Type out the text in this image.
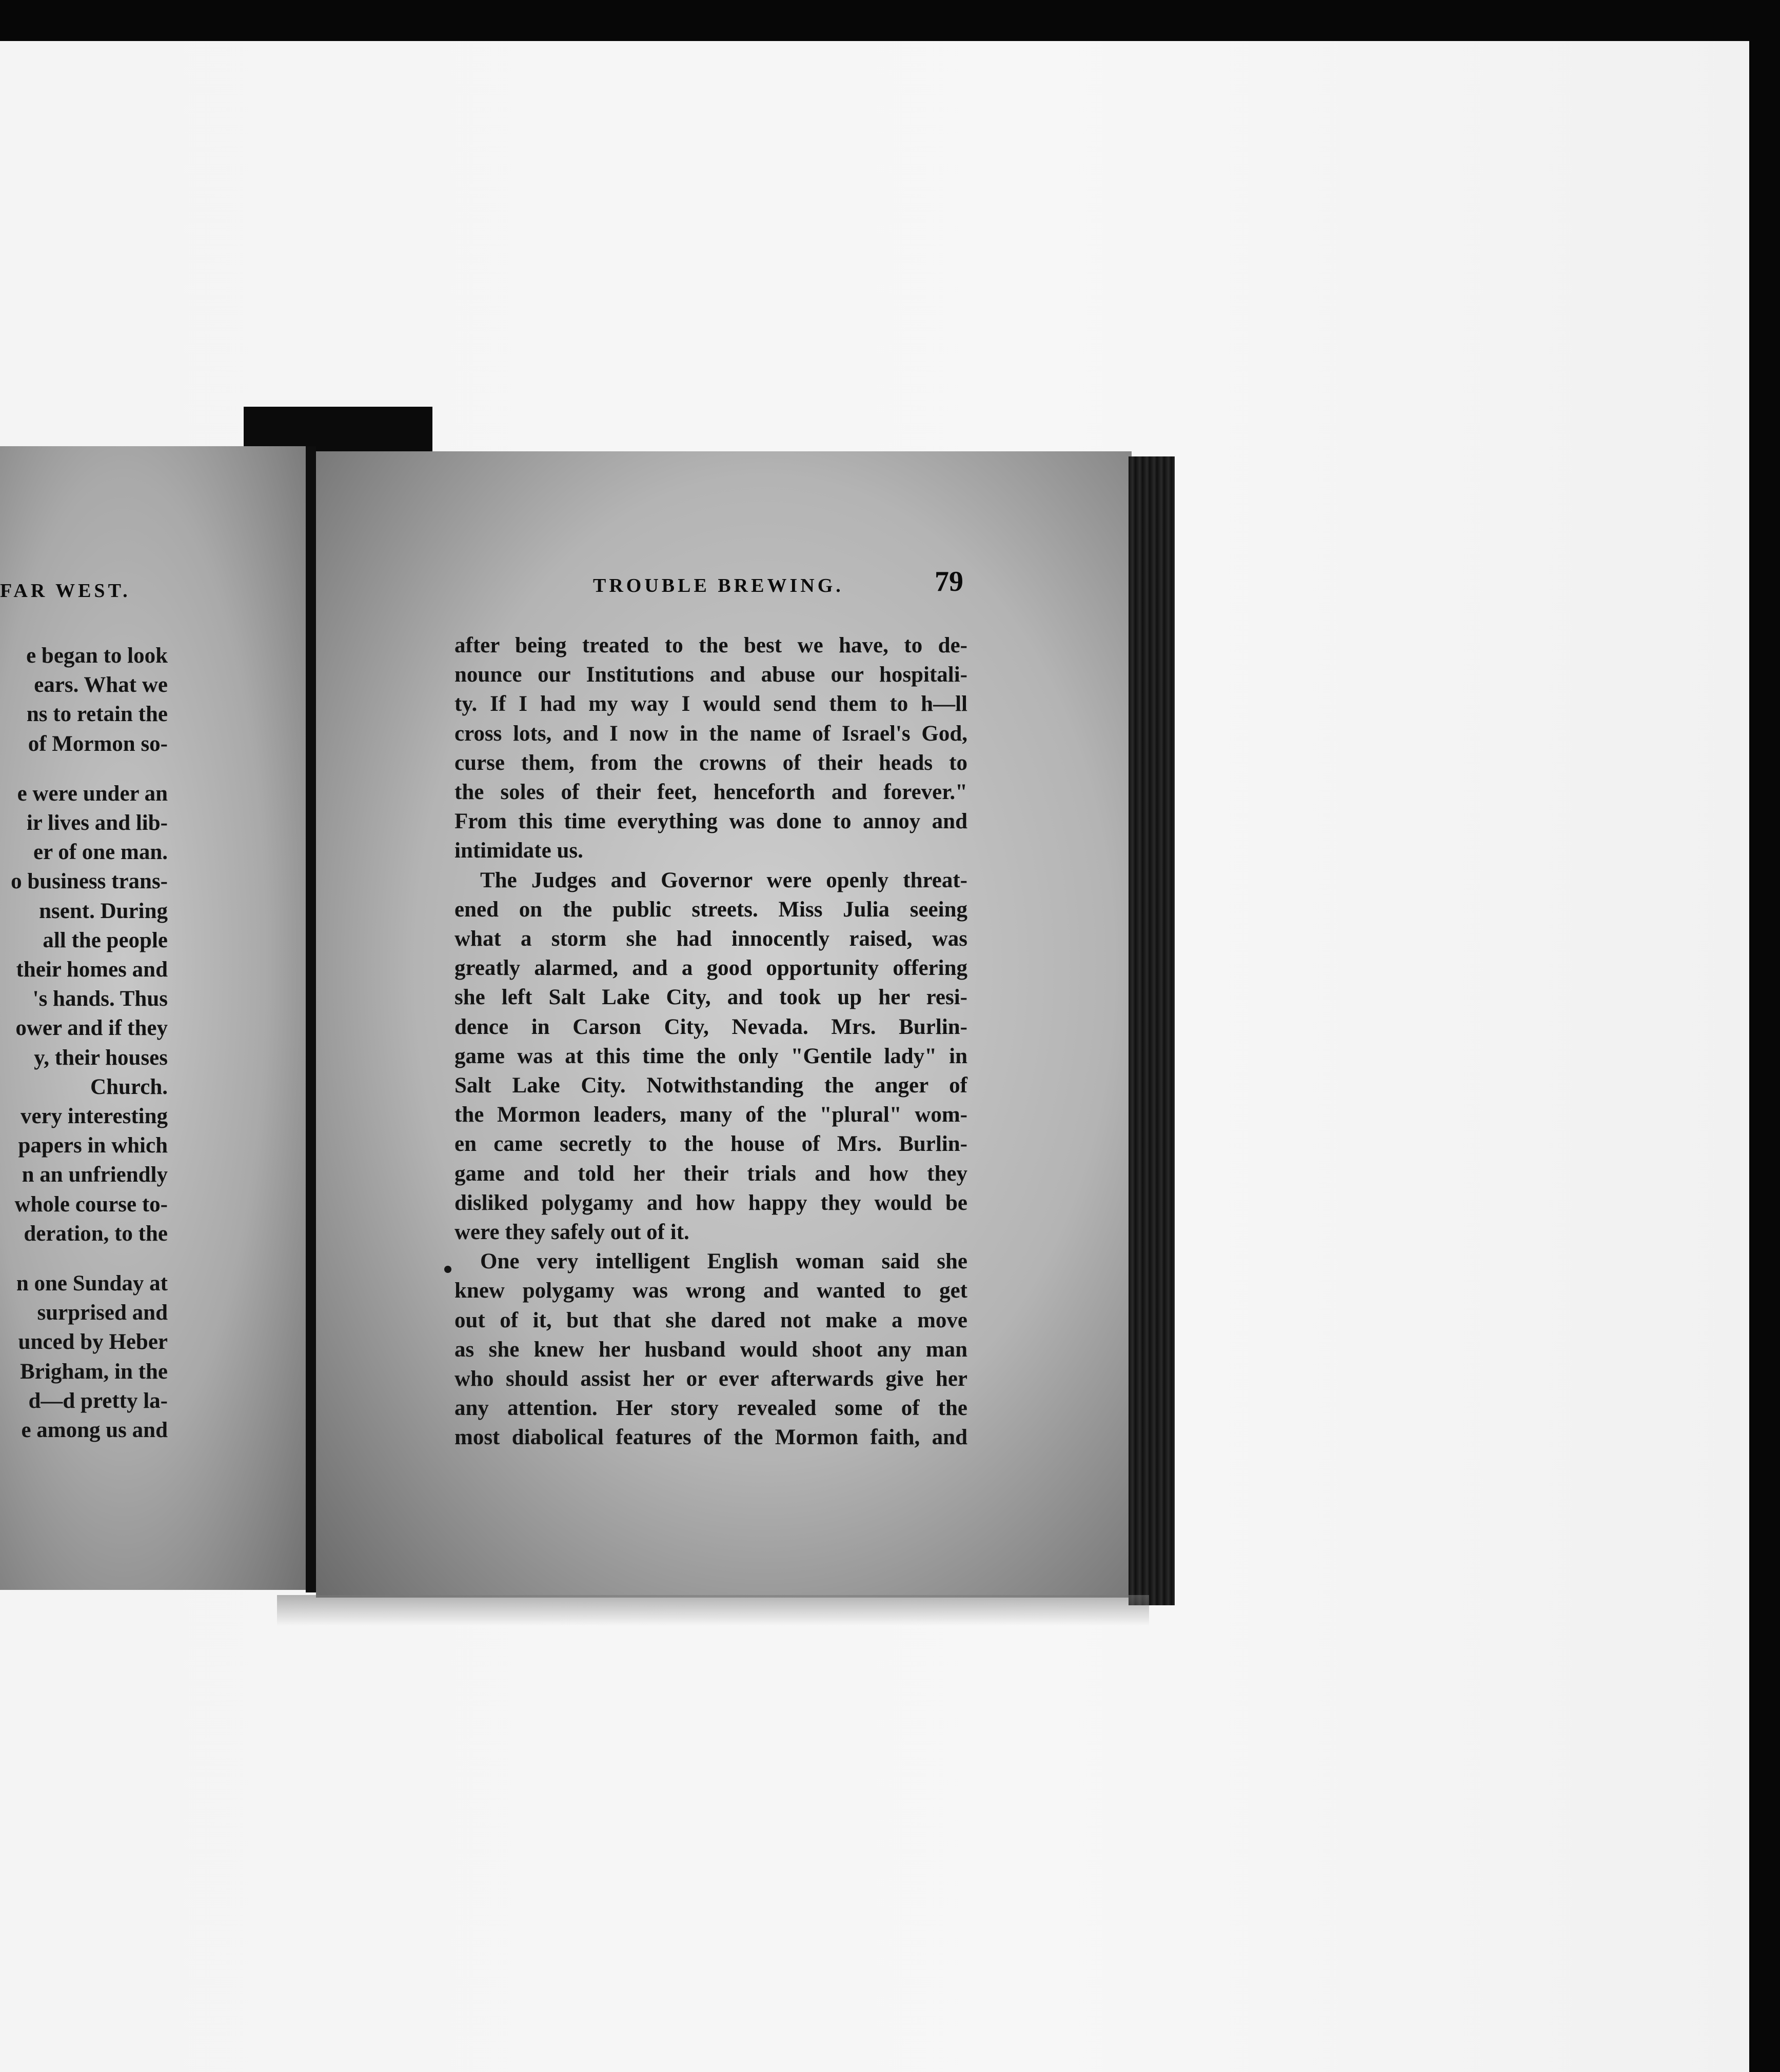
FAR WEST.
e began to look
ears. What we
ns to retain the
of Mormon so-
e were under an
ir lives and lib-
er of one man.
o business trans-
nsent. During
all the people
their homes and
's hands. Thus
ower and if they
y, their houses
Church.
very interesting
papers in which
n an unfriendly
whole course to-
deration, to the
n one Sunday at
surprised and
unced by Heber
Brigham, in the
d—d pretty la-
e among us and
TROUBLE BREWING.	79
after being treated to the best we have, to de-
nounce our Institutions and abuse our hospitali-
ty. If I had my way I would send them to h—ll
cross lots, and I now in the name of Israel's God,
curse them, from the crowns of their heads to
the soles of their feet, henceforth and forever."
From this time everything was done to annoy and
intimidate us.
The Judges and Governor were openly threat-
ened on the public streets. Miss Julia seeing
what a storm she had innocently raised, was
greatly alarmed, and a good opportunity offering
she left Salt Lake City, and took up her resi-
dence in Carson City, Nevada. Mrs. Burlin-
game was at this time the only "Gentile lady" in
Salt Lake City. Notwithstanding the anger of
the Mormon leaders, many of the "plural" wom-
en came secretly to the house of Mrs. Burlin-
game and told her their trials and how they
disliked polygamy and how happy they would be
were they safely out of it.
One very intelligent English woman said she
knew polygamy was wrong and wanted to get
out of it, but that she dared not make a move
as she knew her husband would shoot any man
who should assist her or ever afterwards give her
any attention. Her story revealed some of the
most diabolical features of the Mormon faith, and
